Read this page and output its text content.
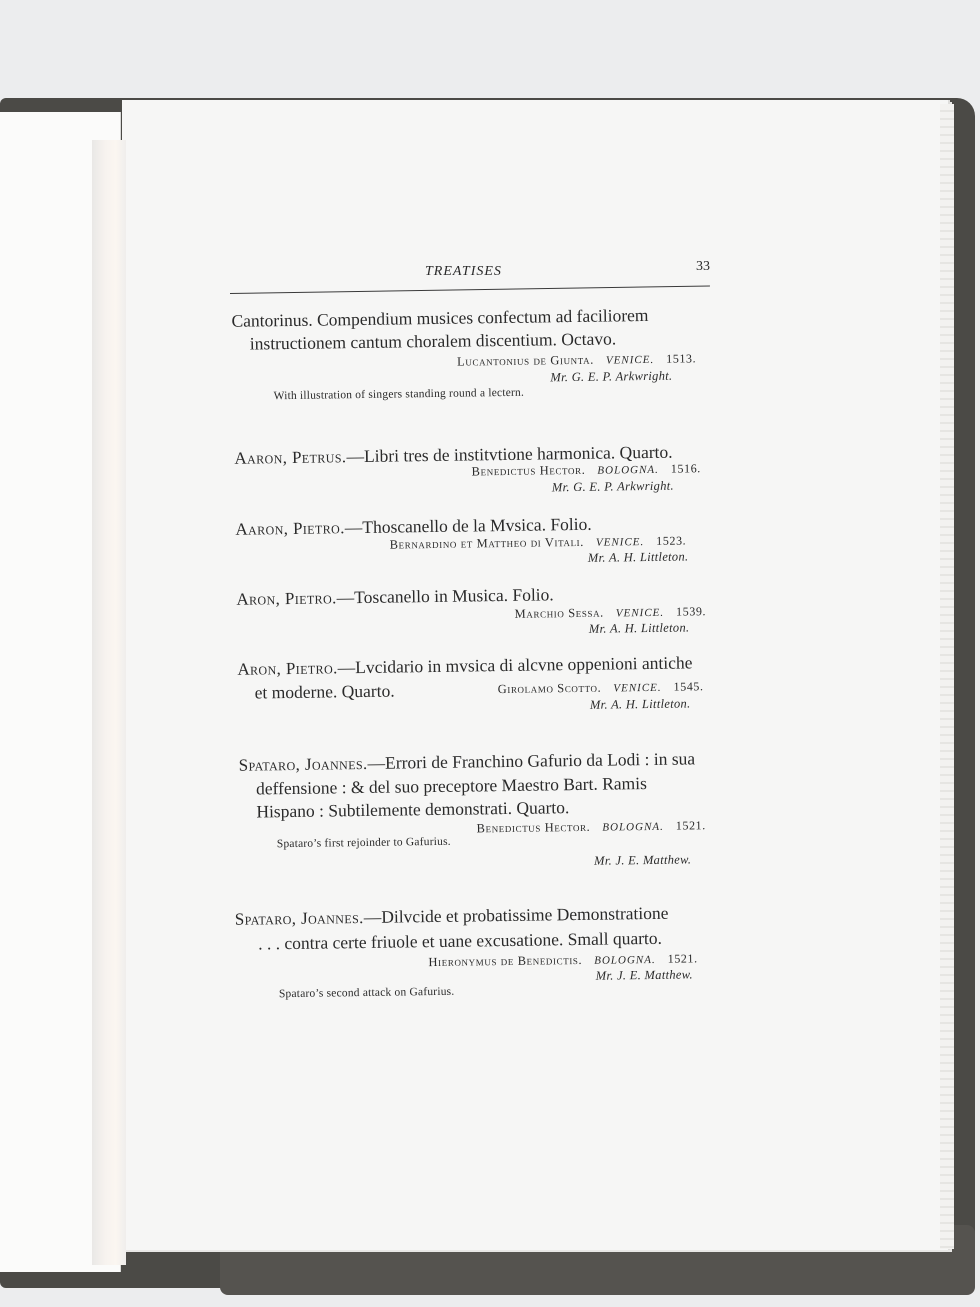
TREATISES	33
Cantorinus. Compendium musices confectum ad faciliorem
instructionem cantum choralem discentium. Octavo.
Lucantonius de Giunta. VENICE. 1513.
Mr. G. E. P. Arkwright.
With illustration of singers standing round a lectern.
Aaron, Petrus.—Libri tres de institvtione harmonica. Quarto.
Benedictus Hector. BOLOGNA. 1516.
Mr. G. E. P. Arkwright.
Aaron, Pietro.—Thoscanello de la Mvsica. Folio.
Bernardino et Mattheo di Vitali. VENICE. 1523.
Mr. A. H. Littleton.
Aron, Pietro.—Toscanello in Musica. Folio.
Marchio Sessa. VENICE. 1539.
Mr. A. H. Littleton.
Aron, Pietro.—Lvcidario in mvsica di alcvne oppenioni antiche
et moderne. Quarto.	Girolamo Scotto. VENICE. 1545.
Mr. A. H. Littleton.
Spataro, Joannes.—Errori de Franchino Gafurio da Lodi : in sua
deffensione : & del suo preceptore Maestro Bart. Ramis
Hispano : Subtilemente demonstrati. Quarto.
Benedictus Hector. BOLOGNA. 1521.
Spataro’s first rejoinder to Gafurius.
Mr. J. E. Matthew.
Spataro, Joannes.—Dilvcide et probatissime Demonstratione
. . . contra certe friuole et uane excusatione. Small quarto.
Hieronymus de Benedictis. BOLOGNA. 1521.
Mr. J. E. Matthew.
Spataro’s second attack on Gafurius.
